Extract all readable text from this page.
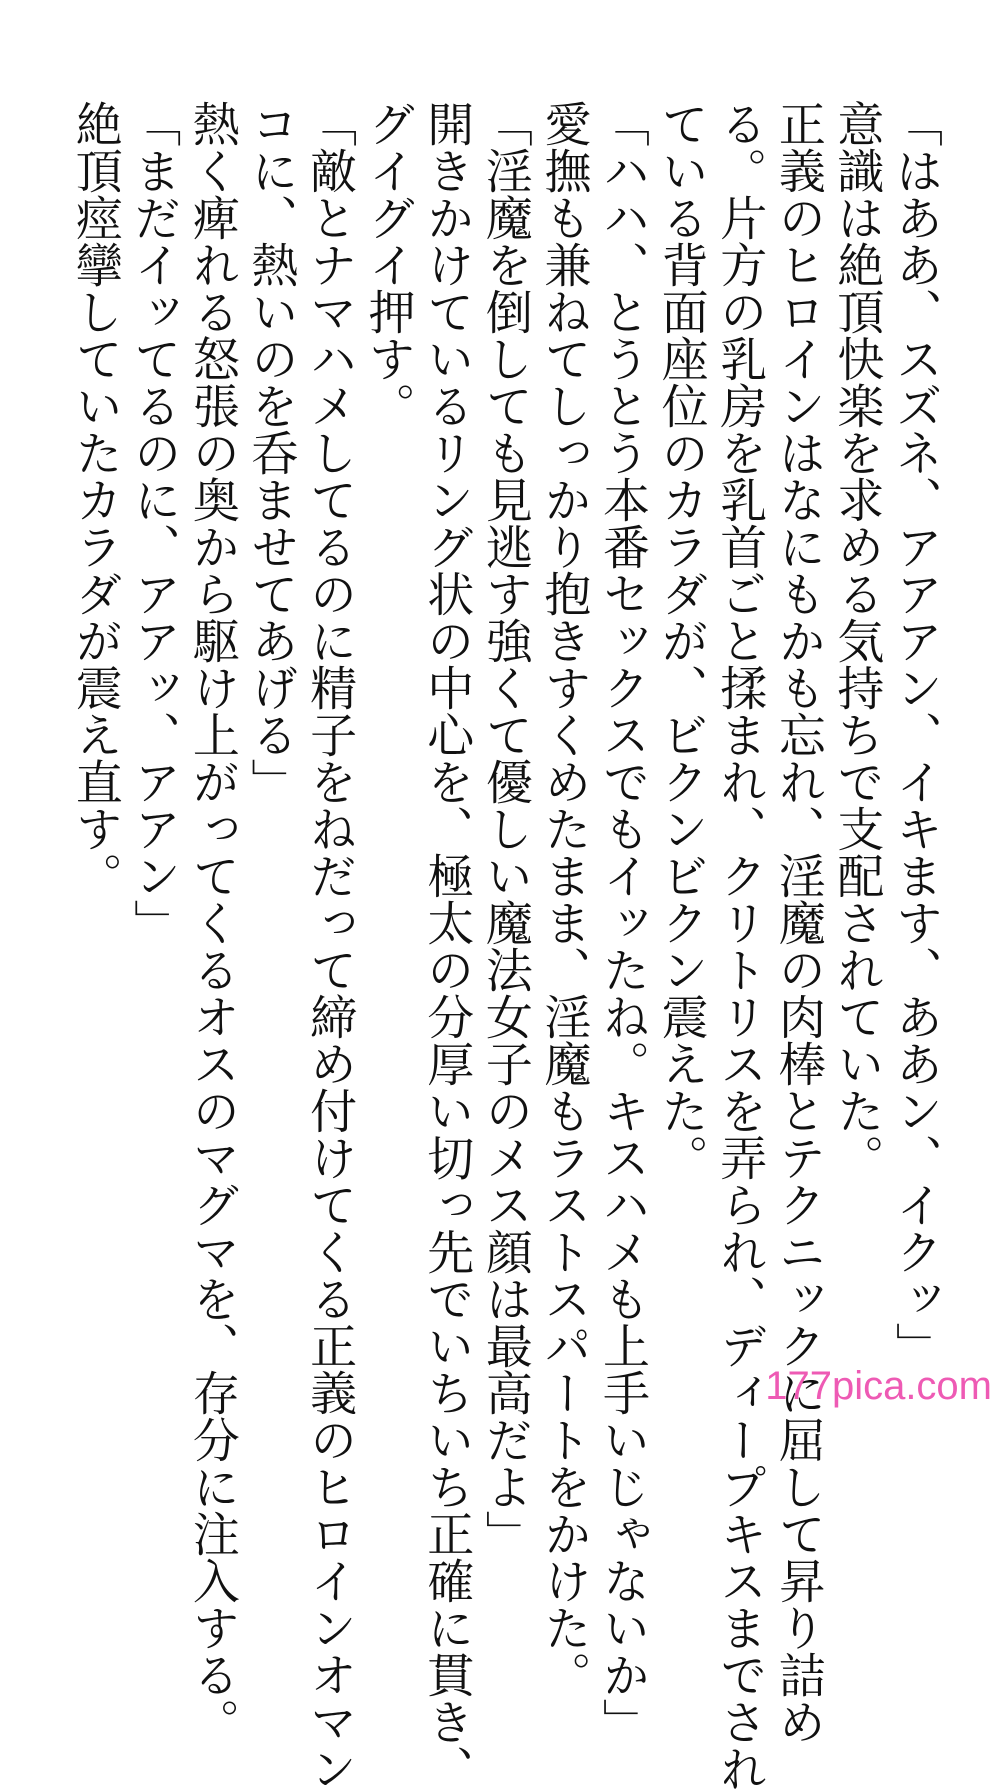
「はああ、スズネ、アアアン、イキます、ああン、イクッ」
意識は絶頂快楽を求める気持ちで支配されていた。
正義のヒロインはなにもかも忘れ、淫魔の肉棒とテクニックに屈して昇り詰め
る。片方の乳房を乳首ごと揉まれ、クリトリスを弄られ、ディープキスまでされ
ている背面座位のカラダが、ビクンビクン震えた。
「ハハ、とうとう本番セックスでもイッたね。キスハメも上手いじゃないか」
愛撫も兼ねてしっかり抱きすくめたまま、淫魔もラストスパートをかけた。
「淫魔を倒しても見逃す強くて優しい魔法女子のメス顔は最高だよ」
開きかけているリング状の中心を、極太の分厚い切っ先でいちいち正確に貫き、
グイグイ押す。
「敵とナマハメしてるのに精子をねだって締め付けてくる正義のヒロインオマン
コに、熱いのを呑ませてあげる」
熱く痺れる怒張の奥から駆け上がってくるオスのマグマを、存分に注入する。
「まだイッてるのに、アアッ、アアン」
絶頂痙攣していたカラダが震え直す。
177pica.com
